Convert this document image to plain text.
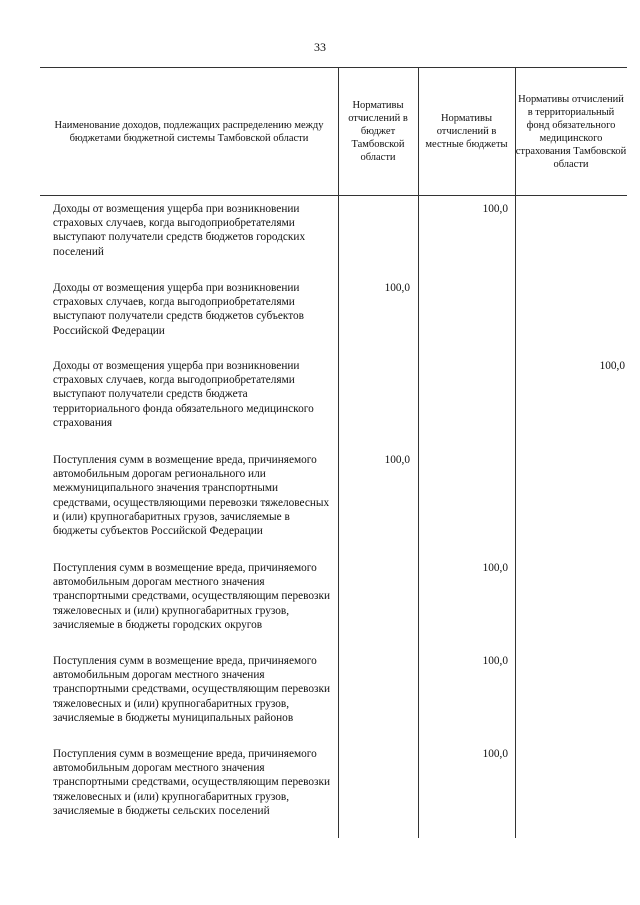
33
Наименование доходов, подлежащих распределению между бюджетами бюджетной системы Тамбовской области
Нормативы отчислений в бюджет Тамбовской области
Нормативы отчислений в местные бюджеты
Нормативы отчислений в территориальный фонд обязательного медицинского страхования Тамбовской области
Доходы от возмещения ущерба при возникновении страховых случаев, когда выгодоприобретателями выступают получатели средств бюджетов городских поселений
100,0
Доходы от возмещения ущерба при возникновении страховых случаев, когда выгодоприобретателями выступают получатели средств бюджетов субъектов Российской Федерации
100,0
Доходы от возмещения ущерба при возникновении страховых случаев, когда выгодоприобретателями выступают получатели средств бюджета территориального фонда обязательного медицинского страхования
100,0
Поступления сумм в возмещение вреда, причиняемого автомобильным дорогам регионального или межмуниципального значения транспортными средствами, осуществляющими перевозки тяжеловесных и (или) крупногабаритных грузов, зачисляемые в бюджеты субъектов Российской Федерации
100,0
Поступления сумм в возмещение вреда, причиняемого автомобильным дорогам местного значения транспортными средствами, осуществляющим перевозки тяжеловесных и (или) крупногабаритных грузов, зачисляемые в бюджеты городских округов
100,0
Поступления сумм в возмещение вреда, причиняемого автомобильным дорогам местного значения транспортными средствами, осуществляющим перевозки тяжеловесных и (или) крупногабаритных грузов, зачисляемые в бюджеты муниципальных районов
100,0
Поступления сумм в возмещение вреда, причиняемого автомобильным дорогам местного значения транспортными средствами, осуществляющим перевозки тяжеловесных и (или) крупногабаритных грузов, зачисляемые в бюджеты сельских поселений
100,0
